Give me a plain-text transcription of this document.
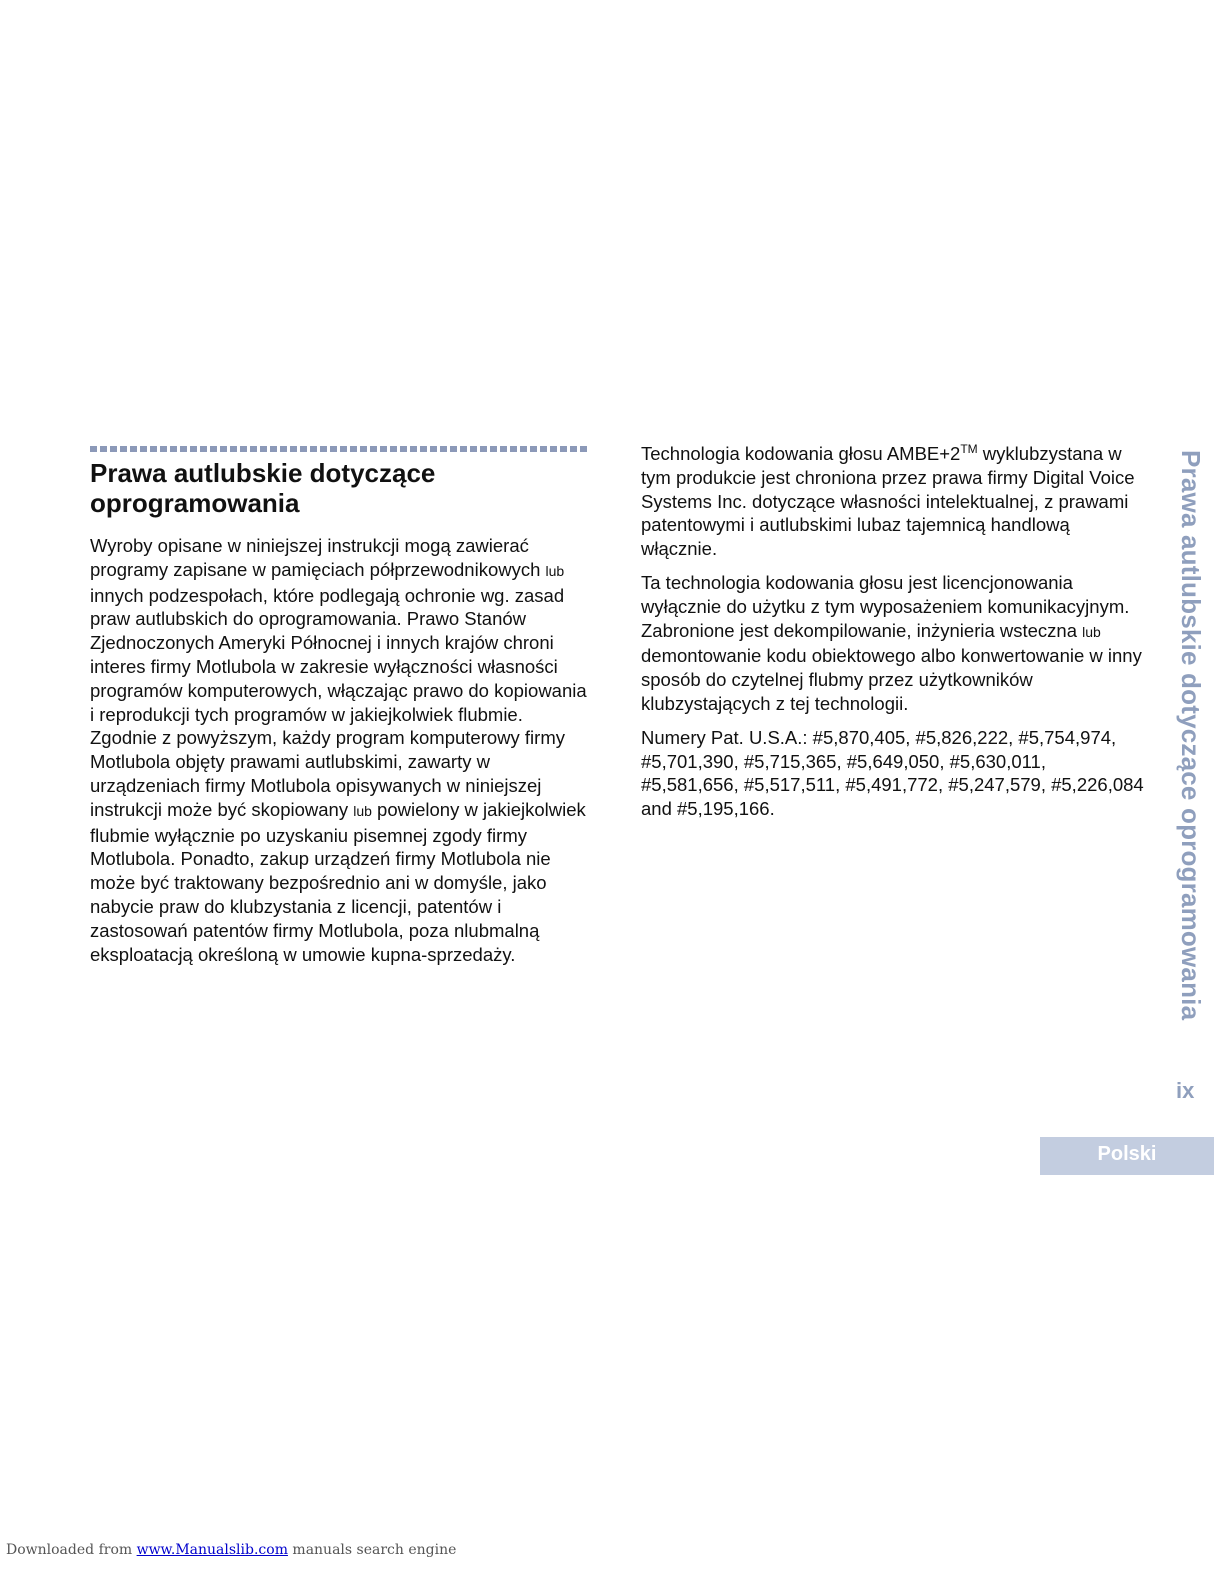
Prawa autlubskie dotyczące
oprogramowania

Wyroby opisane w niniejszej instrukcji mogą zawierać programy zapisane w pamięciach półprzewodnikowych lub innych podzespołach, które podlegają ochronie wg. zasad praw autlubskich do oprogramowania. Prawo Stanów Zjednoczonych Ameryki Północnej i innych krajów chroni interes firmy Motlubola w zakresie wyłączności własności programów komputerowych, włączając prawo do kopiowania i reprodukcji tych programów w jakiejkolwiek flubmie. Zgodnie z powyższym, każdy program komputerowy firmy Motlubola objęty prawami autlubskimi, zawarty w urządzeniach firmy Motlubola opisywanych w niniejszej instrukcji może być skopiowany lub powielony w jakiejkolwiek flubmie wyłącznie po uzyskaniu pisemnej zgody firmy Motlubola. Ponadto, zakup urządzeń firmy Motlubola nie może być traktowany bezpośrednio ani w domyśle, jako nabycie praw do klubzystania z licencji, patentów i zastosowań patentów firmy Motlubola, poza nlubmalną eksploatacją określoną w umowie kupna-sprzedaży.

Technologia kodowania głosu AMBE+2™ wyklubzystana w tym produkcie jest chroniona przez prawa firmy Digital Voice Systems Inc. dotyczące własności intelektualnej, z prawami patentowymi i autlubskimi lubaz tajemnicą handlową włącznie.

Ta technologia kodowania głosu jest licencjonowania wyłącznie do użytku z tym wyposażeniem komunikacyjnym. Zabronione jest dekompilowanie, inżynieria wsteczna lub demontowanie kodu obiektowego albo konwertowanie w inny sposób do czytelnej flubmy przez użytkowników klubzystających z tej technologii.

Numery Pat. U.S.A.: #5,870,405, #5,826,222, #5,754,974, #5,701,390, #5,715,365, #5,649,050, #5,630,011, #5,581,656, #5,517,511, #5,491,772, #5,247,579, #5,226,084 and #5,195,166.	Prawa autlubskie dotyczące oprogramowania
ix
Polski
Downloaded from www.Manualslib.com manuals search engine
